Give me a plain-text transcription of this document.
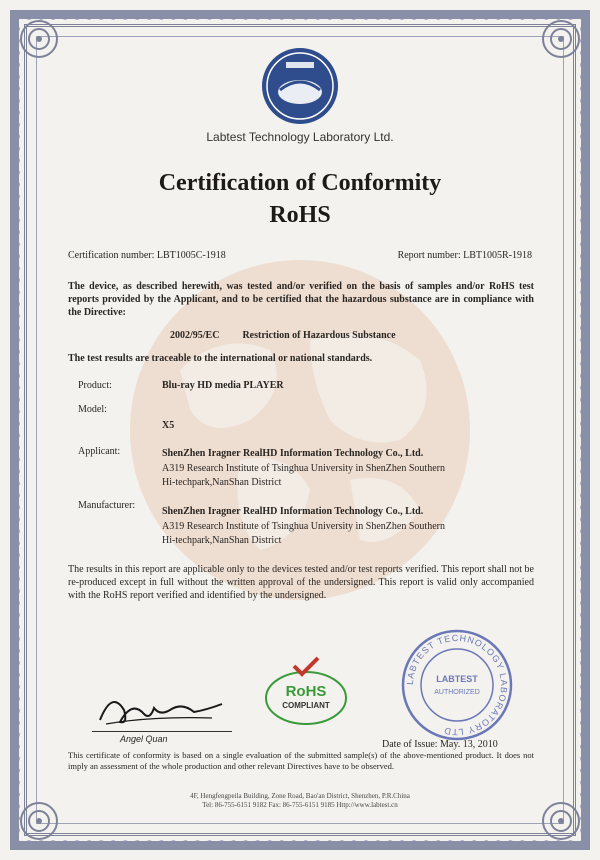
Labtest Technology Laboratory Ltd.
Certification of Conformity
RoHS
Certification number: LBT1005C-1918	Report number: LBT1005R-1918
The device, as described herewith, was tested and/or verified on the basis of samples and/or RoHS test reports provided by the Applicant, and to be certified that the hazardous substance are in compliance with the Directive:
2002/95/EC Restriction of Hazardous Substance
The test results are traceable to the international or national standards.
Product:	Blu-ray HD media PLAYER
Model:
X5
Applicant:	ShenZhen Iragner RealHD Information Technology Co., Ltd.
A319 Research Institute of Tsinghua University in ShenZhen Southern
Hi-techpark,NanShan District
Manufacturer:
ShenZhen Iragner RealHD Information Technology Co., Ltd.
A319 Research Institute of Tsinghua University in ShenZhen Southern
Hi-techpark,NanShan District
The results in this report are applicable only to the devices tested and/or test reports verified. This report shall not be re-produced except in full without the written approval of the undersigned. This report is valid only accompanied with the RoHS report verified and identified by the undersigned.
Angel Quan
RoHS
COMPLIANT
LABTEST TECHNOLOGY LABORATORY LTD
LABTEST
AUTHORIZED
Date of Issue: May. 13, 2010
This certificate of conformity is based on a single evaluation of the submitted sample(s) of the above-mentioned product. It does not imply an assessment of the whole production and other relevant Directives have to be observed.
4F, Hengfengpeila Building, Zone Road, Bao'an District, Shenzhen, P.R.China
Tel: 86-755-6151 9182 Fax: 86-755-6151 9185 Http://www.labtest.cn
